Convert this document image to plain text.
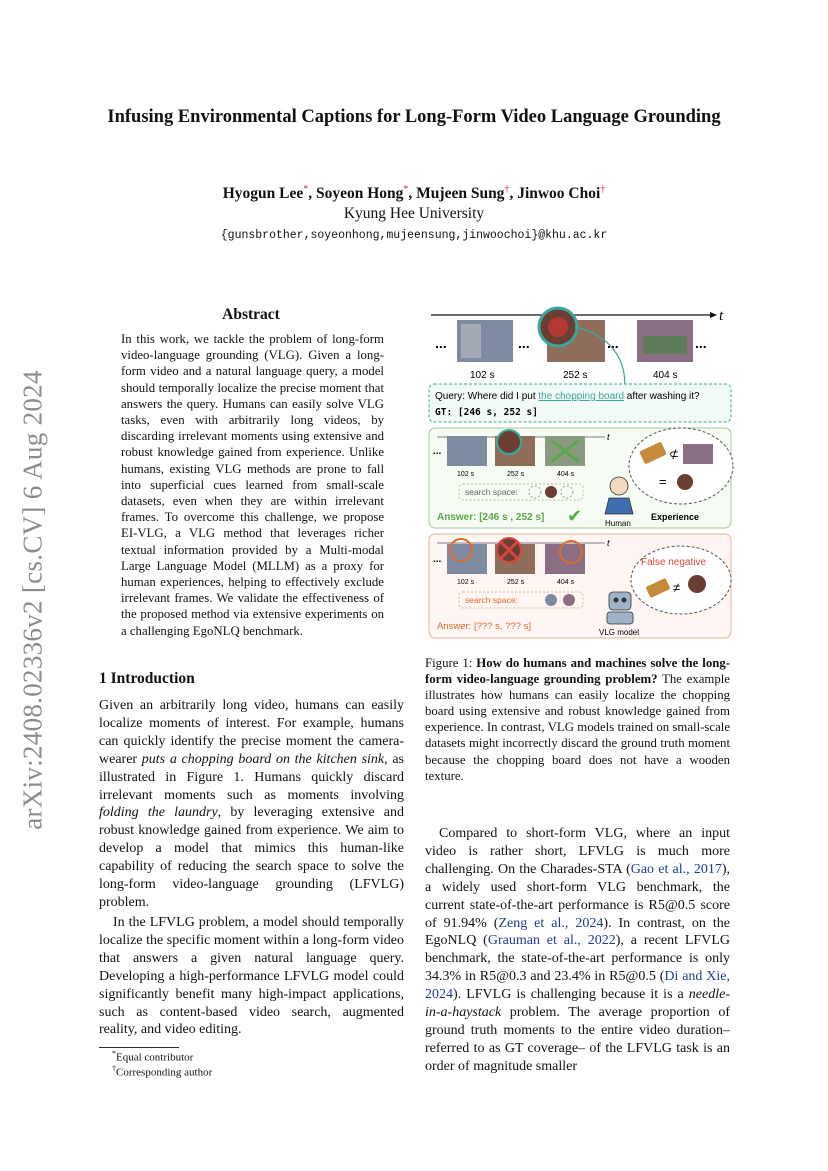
Infusing Environmental Captions for Long-Form Video Language Grounding
Hyogun Lee*, Soyeon Hong*, Mujeen Sung†, Jinwoo Choi†
Kyung Hee University
{gunsbrother,soyeonhong,mujeensung,jinwoochoi}@khu.ac.kr
arXiv:2408.02336v2 [cs.CV] 6 Aug 2024
Abstract
In this work, we tackle the problem of long-form video-language grounding (VLG). Given a long-form video and a natural language query, a model should temporally localize the precise moment that answers the query. Humans can easily solve VLG tasks, even with arbitrarily long videos, by discarding irrelevant moments using extensive and robust knowledge gained from experience. Unlike humans, existing VLG methods are prone to fall into superficial cues learned from small-scale datasets, even when they are within irrelevant frames. To overcome this challenge, we propose EI-VLG, a VLG method that leverages richer textual information provided by a Multi-modal Large Language Model (MLLM) as a proxy for human experiences, helping to effectively exclude irrelevant frames. We validate the effectiveness of the proposed method via extensive experiments on a challenging EgoNLQ benchmark.
1 Introduction
Given an arbitrarily long video, humans can easily localize moments of interest. For example, humans can quickly identify the precise moment the camera-wearer puts a chopping board on the kitchen sink, as illustrated in Figure 1. Humans quickly discard irrelevant moments such as moments involving folding the laundry, by leveraging extensive and robust knowledge gained from experience. We aim to develop a model that mimics this human-like capability of reducing the search space to solve the long-form video-language grounding (LFVLG) problem.
In the LFVLG problem, a model should temporally localize the specific moment within a long-form video that answers a given natural language query. Developing a high-performance LFVLG model could significantly benefit many high-impact applications, such as content-based video search, augmented reality, and video editing.
*Equal contributor
†Corresponding author
t
...	...	...	...
102 s	252 s	404 s
Query: Where did I put the chopping board after washing it?
GT: [246 s, 252 s]
t
...
102 s	252 s	404 s
search space:
Answer: [246 s , 252 s] ✔	Human
⊄
=
Experience
t
...
102 s	252 s	404 s
search space:
Answer: [??? s, ??? s]
VLG model
False negative
≠
Figure 1: How do humans and machines solve the long-form video-language grounding problem? The example illustrates how humans can easily localize the chopping board using extensive and robust knowledge gained from experience. In contrast, VLG models trained on small-scale datasets might incorrectly discard the ground truth moment because the chopping board does not have a wooden texture.
Compared to short-form VLG, where an input video is rather short, LFVLG is much more challenging. On the Charades-STA (Gao et al., 2017), a widely used short-form VLG benchmark, the current state-of-the-art performance is R5@0.5 score of 91.94% (Zeng et al., 2024). In contrast, on the EgoNLQ (Grauman et al., 2022), a recent LFVLG benchmark, the state-of-the-art performance is only 34.3% in R5@0.3 and 23.4% in R5@0.5 (Di and Xie, 2024). LFVLG is challenging because it is a needle-in-a-haystack problem. The average proportion of ground truth moments to the entire video duration–referred to as GT coverage– of the LFVLG task is an order of magnitude smaller
